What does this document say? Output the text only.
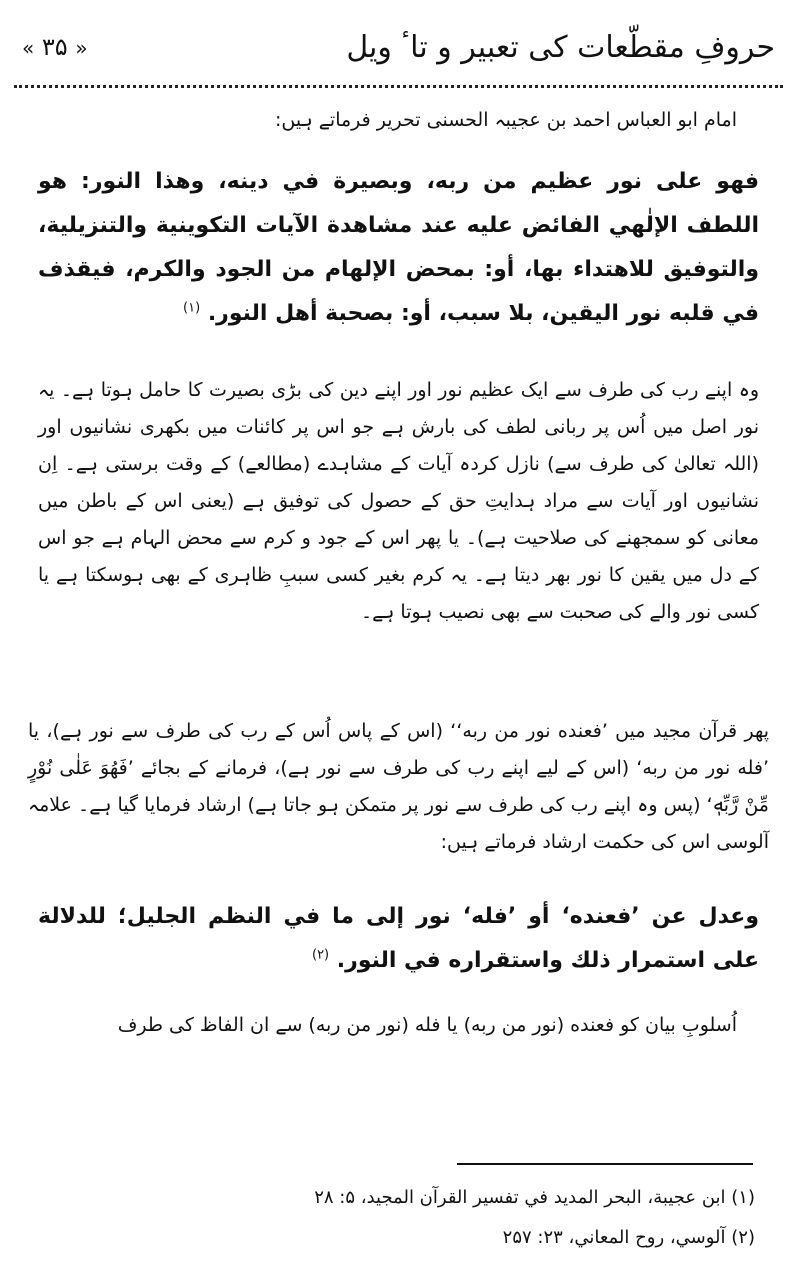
حروفِ مقطّعات کی تعبیر و تاٴ ویل
« ۳۵ »
امام ابو العباس احمد بن عجیبہ الحسنی تحریر فرماتے ہیں:
فهو على نور عظيم من ربه، وبصيرة في دينه، وهذا النور: هو اللطف الإلٰهي الفائض عليه عند مشاهدة الآيات التكوينية والتنزيلية، والتوفيق للاهتداء بها، أو: بمحض الإلهام من الجود والكرم، فيقذف في قلبه نور اليقين، بلا سبب، أو: بصحبة أهل النور. $^{(۱)}$
وہ اپنے رب کی طرف سے ایک عظیم نور اور اپنے دین کی بڑی بصیرت کا حامل ہوتا ہے۔ یہ نور اصل میں اُس پر ربانی لطف کی بارش ہے جو اس پر کائنات میں بکھری نشانیوں اور (اللہ تعالیٰ کی طرف سے) نازل کردہ آیات کے مشاہدے (مطالعے) کے وقت برستی ہے۔ اِن نشانیوں اور آیات سے مراد ہدایتِ حق کے حصول کی توفیق ہے (یعنی اس کے باطن میں معانی کو سمجھنے کی صلاحیت ہے)۔ یا پھر اس کے جود و کرم سے محض الہام ہے جو اس کے دل میں یقین کا نور بھر دیتا ہے۔ یہ کرم بغیر کسی سببِ ظاہری کے بھی ہوسکتا ہے یا کسی نور والے کی صحبت سے بھی نصیب ہوتا ہے۔
پھر قرآن مجید میں ’فعنده نور من ربه‘‘ (اس کے پاس اُس کے رب کی طرف سے نور ہے)، یا ’فله نور من ربه‘ (اس کے لیے اپنے رب کی طرف سے نور ہے)، فرمانے کے بجائے ’فَهُوَ عَلٰى نُوْرٍ مِّنْ رَّبِّهٖ‘ (پس وہ اپنے رب کی طرف سے نور پر متمکن ہو جاتا ہے) ارشاد فرمایا گیا ہے۔ علامہ آلوسی اس کی حکمت ارشاد فرماتے ہیں:
وعدل عن ’فعنده‘ أو ’فله‘ نور إلى ما في النظم الجليل؛ للدلالة على استمرار ذلك واستقراره في النور. $^{(۲)}$
اُسلوبِ بیان کو فعنده (نور من ربه) یا فله (نور من ربه) سے ان الفاظ کی طرف
(۱) ابن عجيبة، البحر المديد في تفسير القرآن المجيد، ۵: ۲۸
(۲) آلوسي، روح المعاني، ۲۳: ۲۵۷
